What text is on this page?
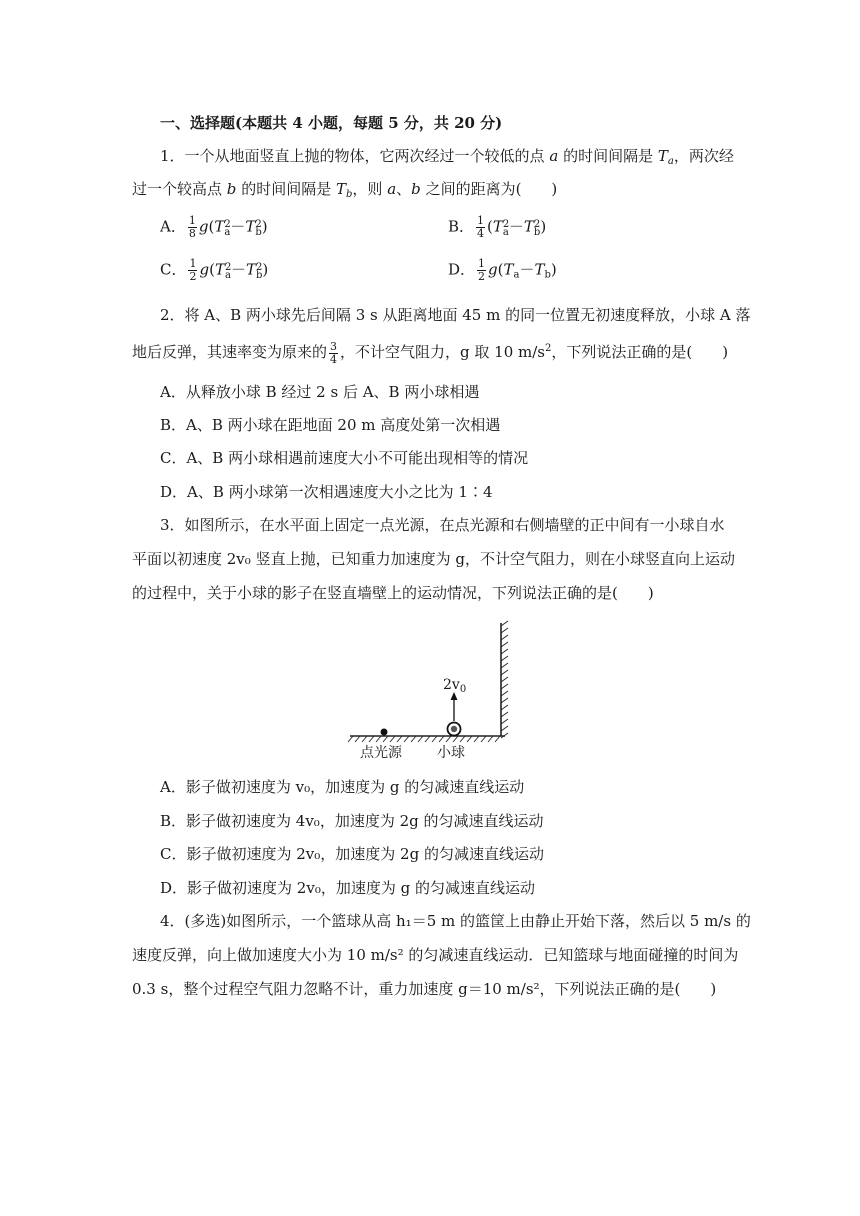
一、选择题(本题共 4 小题，每题 5 分，共 20 分)
1．一个从地面竖直上抛的物体，它两次经过一个较低的点 a 的时间间隔是 $T_a$，两次经
过一个较高点 b 的时间间隔是 $T_b$，则 a、b 之间的距离为(　　)
A． $\frac{1}{8} g(T$ 2
$_a$－T 2
$_b$)	B． $\frac{1}{4} (T$ 2
$_a$－T 2
$_b$)
C． $\frac{1}{2} g(T$ 2
$_a$－T 2
$_b$)	D． $\frac{1}{2} g(T_a-T_b)$
2．将 A、B 两小球先后间隔 3 s 从距离地面 45 m 的同一位置无初速度释放，小球 A 落
地后反弹，其速率变为原来的 $\frac{3}{4}$ ，不计空气阻力，g 取 10 $m/s^2$，下列说法正确的是(　　)
A．从释放小球 B 经过 2 s 后 A、B 两小球相遇
B．A、B 两小球在距地面 20 m 高度处第一次相遇
C．A、B 两小球相遇前速度大小不可能出现相等的情况
D．A、B 两小球第一次相遇速度大小之比为 1∶4
3．如图所示，在水平面上固定一点光源，在点光源和右侧墙壁的正中间有一小球自水
平面以初速度 2v₀ 竖直上抛，已知重力加速度为 g，不计空气阻力，则在小球竖直向上运动
的过程中，关于小球的影子在竖直墙壁上的运动情况，下列说法正确的是(　　)
$2v_0$
点光源	小球
A．影子做初速度为 v₀，加速度为 g 的匀减速直线运动
B．影子做初速度为 4v₀，加速度为 2g 的匀减速直线运动
C．影子做初速度为 2v₀，加速度为 2g 的匀减速直线运动
D．影子做初速度为 2v₀，加速度为 g 的匀减速直线运动
4．(多选)如图所示，一个篮球从高 h₁＝5 m 的篮筐上由静止开始下落，然后以 5 m/s 的
速度反弹，向上做加速度大小为 10 m/s² 的匀减速直线运动．已知篮球与地面碰撞的时间为
0.3 s，整个过程空气阻力忽略不计，重力加速度 g＝10 m/s²，下列说法正确的是(　　)
